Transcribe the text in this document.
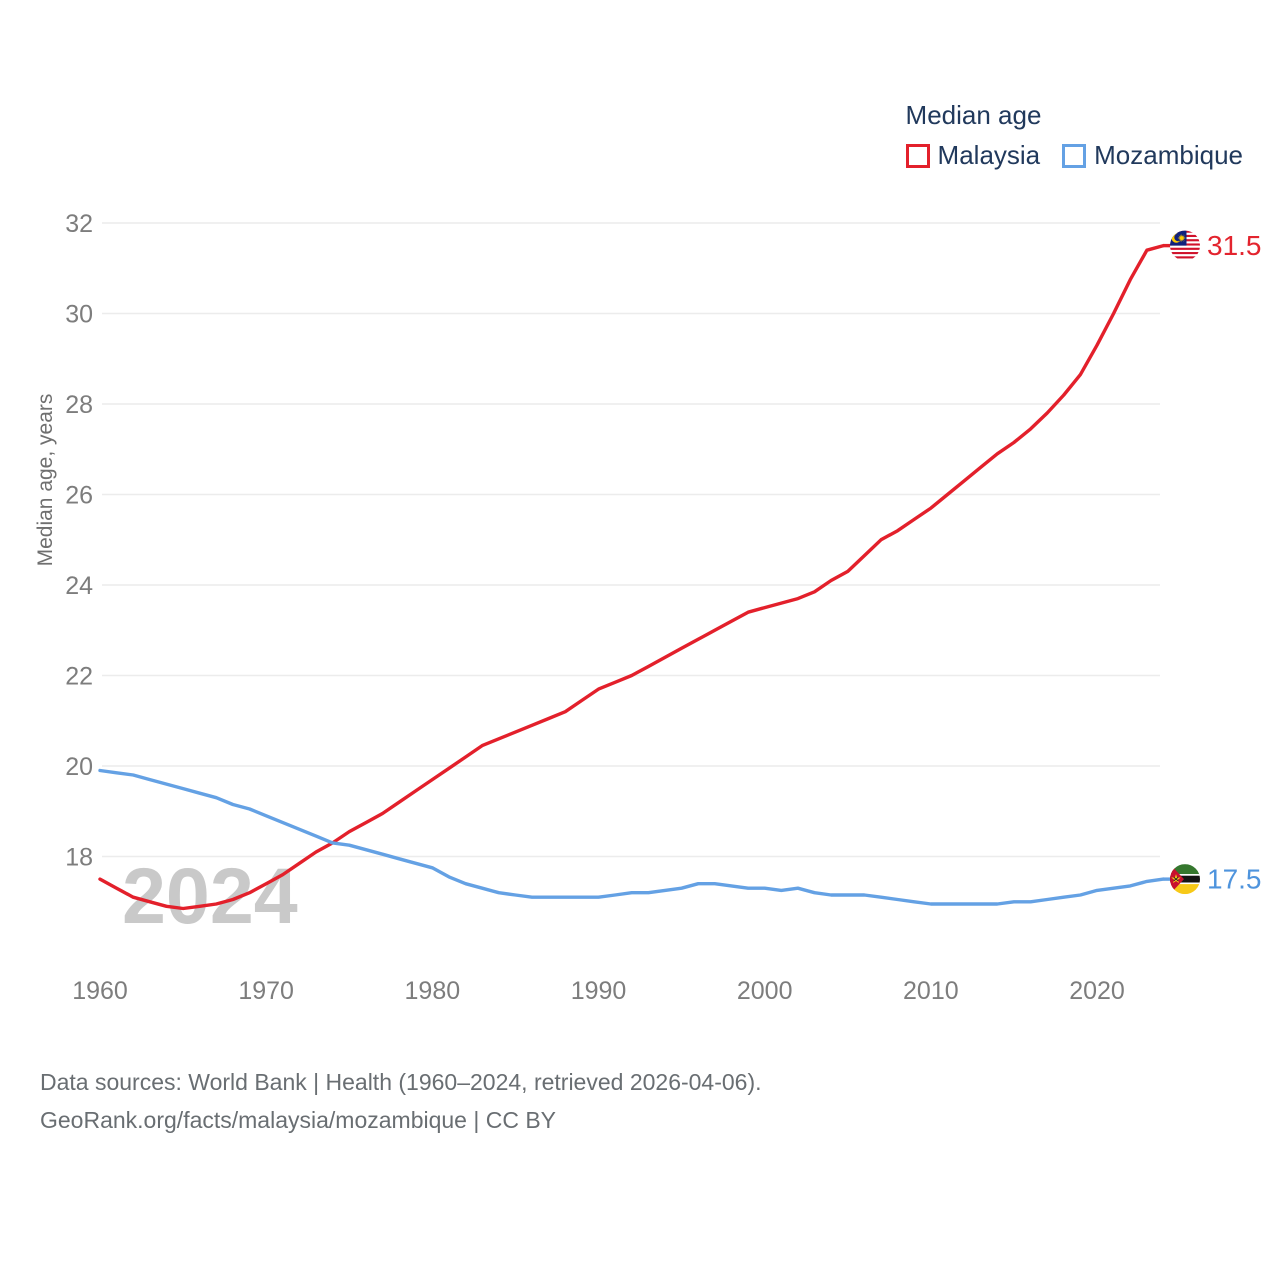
18
20
22
24
26
28
30
32
1960	1970	1980	1990	2000	2010	2020
2024
31.5
17.5
Median age
Malaysia Mozambique
Median age, years
Data sources: World Bank | Health (1960–2024, retrieved 2026-04-06).
GeoRank.org/facts/malaysia/mozambique | CC BY
